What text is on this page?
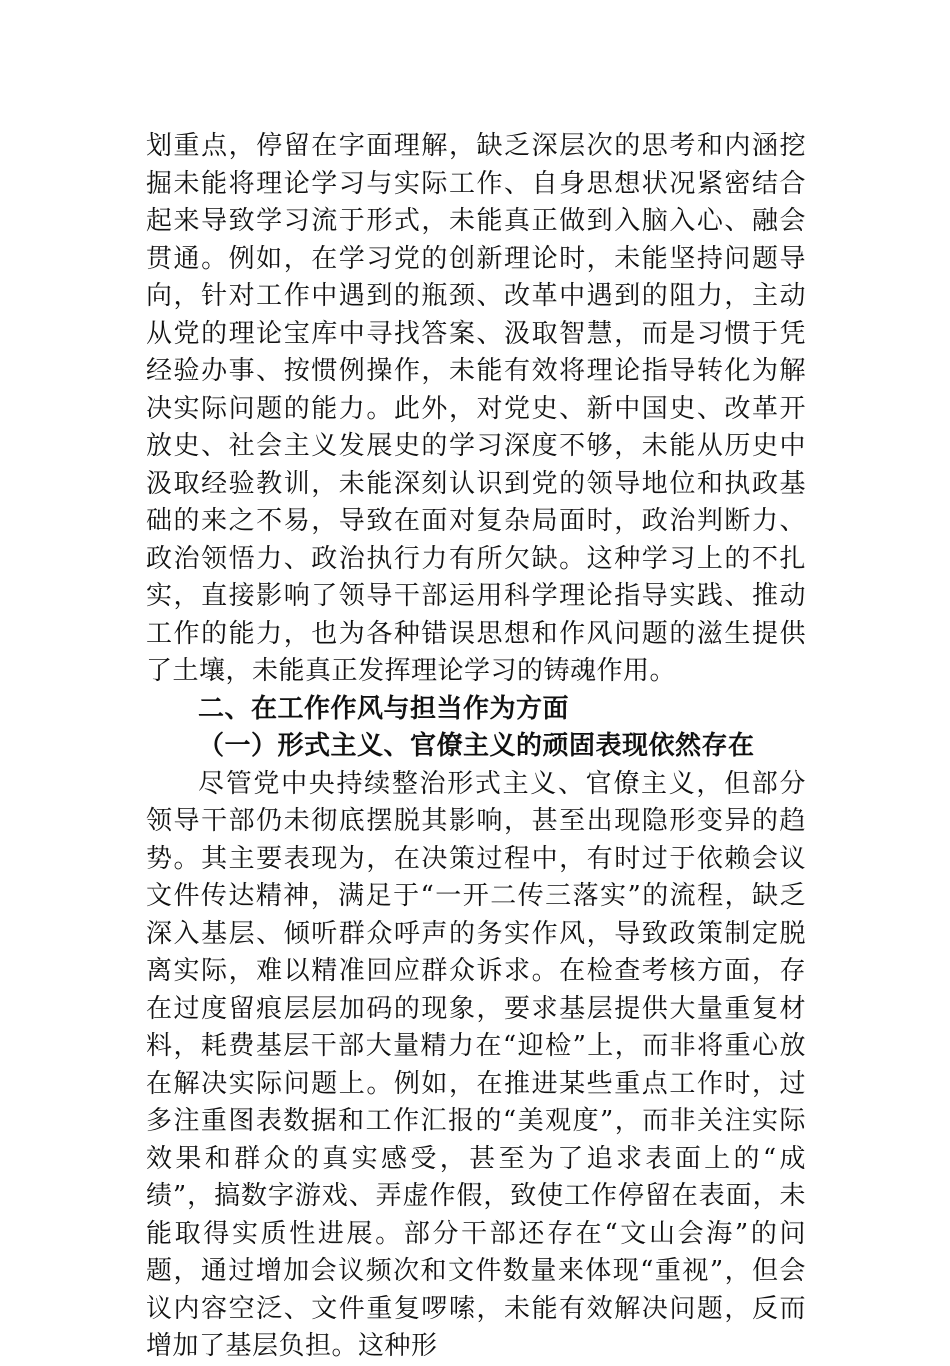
划重点，停留在字面理解，缺乏深层次的思考和内涵挖掘未能将理论学习与实际工作、自身思想状况紧密结合起来导致学习流于形式，未能真正做到入脑入心、融会贯通。例如，在学习党的创新理论时，未能坚持问题导向，针对工作中遇到的瓶颈、改革中遇到的阻力，主动从党的理论宝库中寻找答案、汲取智慧，而是习惯于凭经验办事、按惯例操作，未能有效将理论指导转化为解决实际问题的能力。此外，对党史、新中国史、改革开放史、社会主义发展史的学习深度不够，未能从历史中汲取经验教训，未能深刻认识到党的领导地位和执政基础的来之不易，导致在面对复杂局面时，政治判断力、政治领悟力、政治执行力有所欠缺。这种学习上的不扎实，直接影响了领导干部运用科学理论指导实践、推动工作的能力，也为各种错误思想和作风问题的滋生提供了土壤，未能真正发挥理论学习的铸魂作用。

二、在工作作风与担当作为方面

（一）形式主义、官僚主义的顽固表现依然存在

尽管党中央持续整治形式主义、官僚主义，但部分领导干部仍未彻底摆脱其影响，甚至出现隐形变异的趋势。其主要表现为，在决策过程中，有时过于依赖会议文件传达精神，满足于“一开二传三落实”的流程，缺乏深入基层、倾听群众呼声的务实作风，导致政策制定脱离实际，难以精准回应群众诉求。在检查考核方面，存在过度留痕层层加码的现象，要求基层提供大量重复材料，耗费基层干部大量精力在“迎检”上，而非将重心放在解决实际问题上。例如，在推进某些重点工作时，过多注重图表数据和工作汇报的“美观度”，而非关注实际效果和群众的真实感受，甚至为了追求表面上的“成绩”，搞数字游戏、弄虚作假，致使工作停留在表面，未能取得实质性进展。部分干部还存在“文山会海”的问题，通过增加会议频次和文件数量来体现“重视”，但会议内容空泛、文件重复啰嗦，未能有效解决问题，反而增加了基层负担。这种形
